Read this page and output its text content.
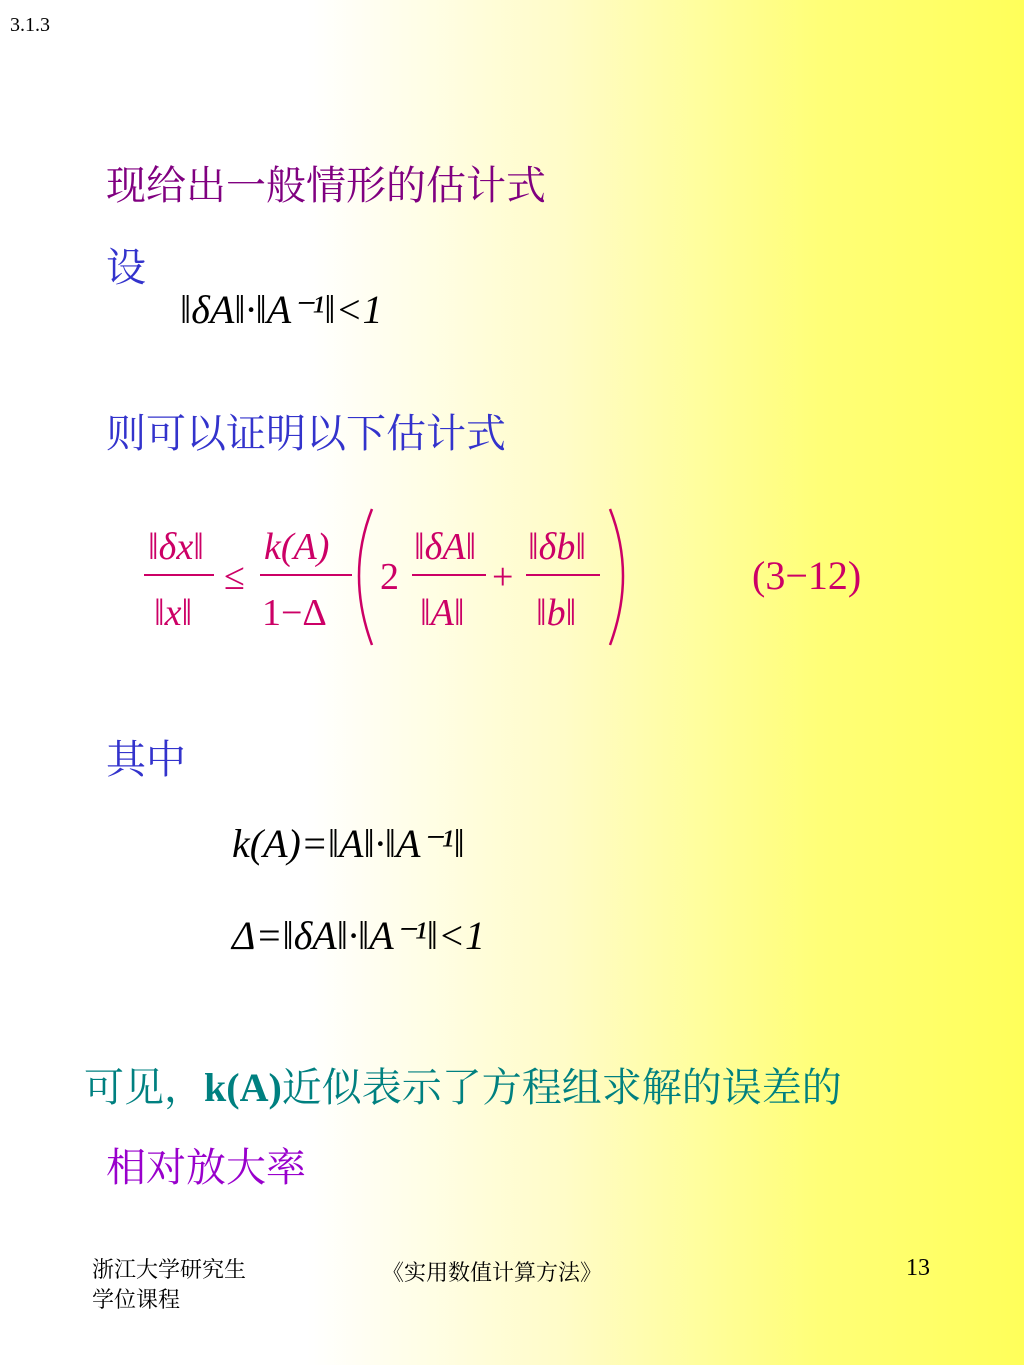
3.1.3
现给出一般情形的估计式
设
‖δA‖·‖A⁻¹‖<1
则可以证明以下估计式
‖δx‖
‖x‖
≤
k(A)
1−Δ
2
‖δA‖
‖A‖
+
‖δb‖
‖b‖
(3−12)
其中
k(A)=‖A‖·‖A⁻¹‖
Δ=‖δA‖·‖A⁻¹‖<1
可见，k(A)近似表示了方程组求解的误差的
相对放大率
浙江大学研究生
学位课程
《实用数值计算方法》	13
